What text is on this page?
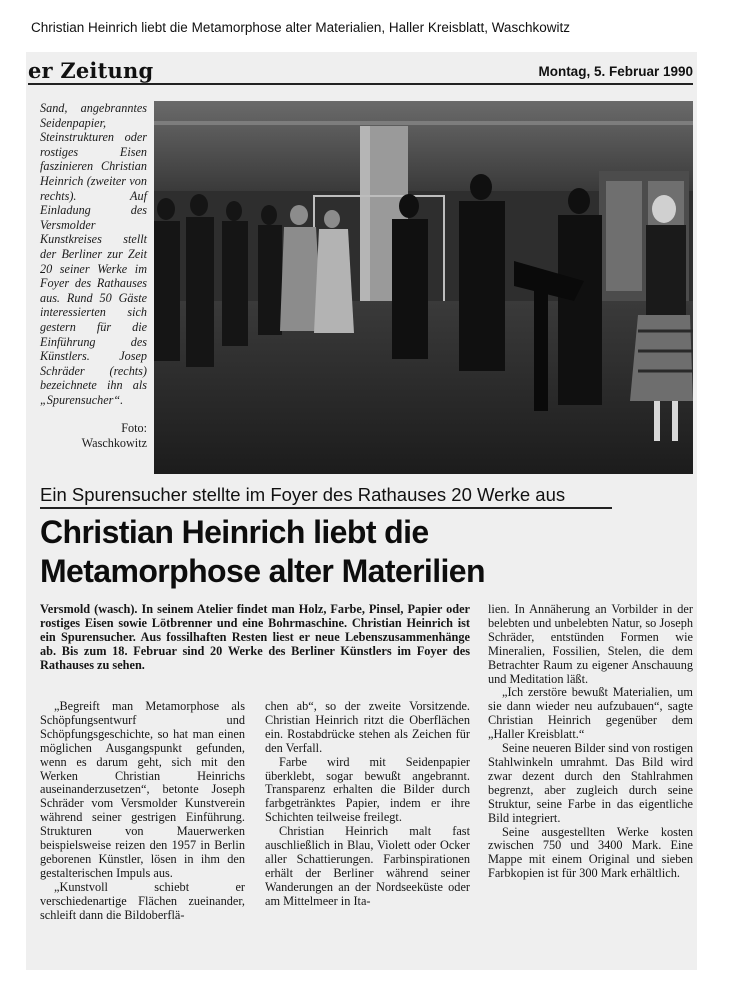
Christian Heinrich liebt die Metamorphose alter Materialien, Haller Kreisblatt, Waschkowitz
er Zeitung	Montag, 5. Februar 1990
Sand, angebranntes Seidenpapier, Steinstrukturen oder rostiges Eisen faszinieren Christian Heinrich (zweiter von rechts). Auf Einladung des Versmolder Kunstkreises stellt der Berliner zur Zeit 20 seiner Werke im Foyer des Rathauses aus. Rund 50 Gäste interessierten sich gestern für die Einführung des Künstlers. Josep Schräder (rechts) bezeichnete ihn als „Spurensucher“.
Foto:
Waschkowitz
Ein Spurensucher stellte im Foyer des Rathauses 20 Werke aus
Christian Heinrich liebt die
Metamorphose alter Materilien
Versmold (wasch). In seinem Atelier findet man Holz, Farbe, Pinsel, Papier oder rostiges Eisen sowie Lötbrenner und eine Bohrmaschine. Christian Heinrich ist ein Spurensucher. Aus fossilhaften Resten liest er neue Lebenszusammenhänge ab. Bis zum 18. Februar sind 20 Werke des Berliner Künstlers im Foyer des Rathauses zu sehen.

„Begreift man Metamorphose als Schöpfungsentwurf und Schöpfungsgeschichte, so hat man einen möglichen Ausgangspunkt gefunden, wenn es darum geht, sich mit den Werken Christian Heinrichs auseinanderzusetzen“, betonte Joseph Schräder vom Versmolder Kunstverein während seiner gestrigen Einführung. Strukturen von Mauerwerken beispielsweise reizen den 1957 in Berlin geborenen Künstler, lösen in ihm den gestalterischen Impuls aus.

„Kunstvoll schiebt er verschiedenartige Flächen zueinander, schleift dann die Bildoberflä-

chen ab“, so der zweite Vorsitzende. Christian Heinrich ritzt die Oberflächen ein. Rostabdrücke stehen als Zeichen für den Verfall.

Farbe wird mit Seidenpapier überklebt, sogar bewußt angebrannt. Transparenz erhalten die Bilder durch farbgetränktes Papier, indem er ihre Schichten teilweise freilegt.

Christian Heinrich malt fast auschließlich in Blau, Violett oder Ocker aller Schattierungen. Farbinspirationen erhält der Berliner während seiner Wanderungen an der Nordseeküste oder am Mittelmeer in Ita-

lien. In Annäherung an Vorbilder in der belebten und unbelebten Natur, so Joseph Schräder, entstünden Formen wie Mineralien, Fossilien, Stelen, die dem Betrachter Raum zu eigener Anschauung und Meditation läßt.

„Ich zerstöre bewußt Materialien, um sie dann wieder neu aufzubauen“, sagte Christian Heinrich gegenüber dem „Haller Kreisblatt.“

Seine neueren Bilder sind von rostigen Stahlwinkeln umrahmt. Das Bild wird zwar dezent durch den Stahlrahmen begrenzt, aber zugleich durch seine Struktur, seine Farbe in das eigentliche Bild integriert.

Seine ausgestellten Werke kosten zwischen 750 und 3400 Mark. Eine Mappe mit einem Original und sieben Farbkopien ist für 300 Mark erhältlich.
